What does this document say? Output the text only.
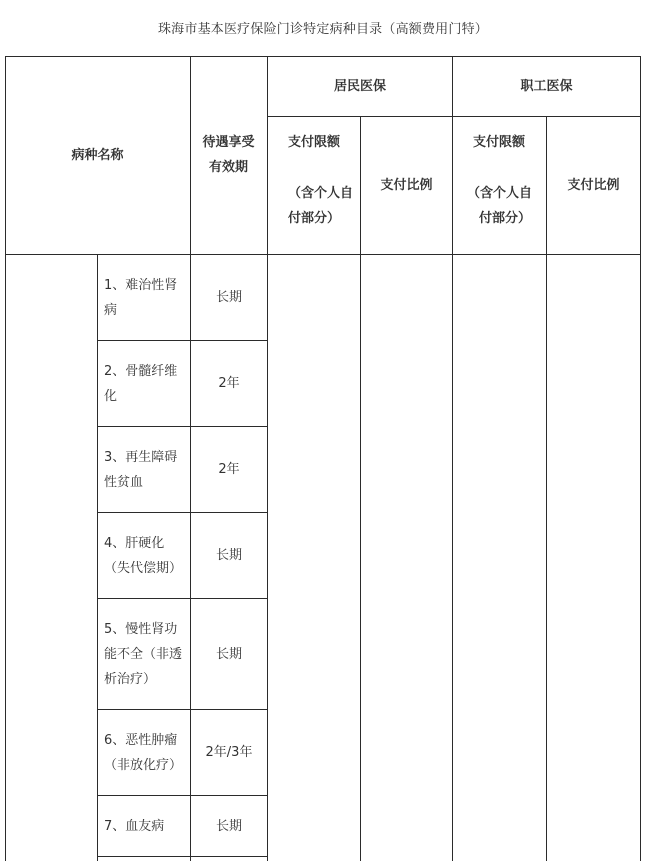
珠海市基本医疗保险门诊特定病种目录（高额费用门特）
病种名称
待遇享受
有效期
居民医保	职工医保
支付限额
（含个人自
付部分）
支付比例
支付限额
（含个人自
付部分）
支付比例
1、难治性肾
病
长期
2、骨髓纤维
化
2年
3、再生障碍
性贫血
2年
4、肝硬化
（失代偿期）
长期
5、慢性肾功
能不全（非透
析治疗）
长期
6、恶性肿瘤
（非放化疗）
2年/3年
7、血友病	长期
